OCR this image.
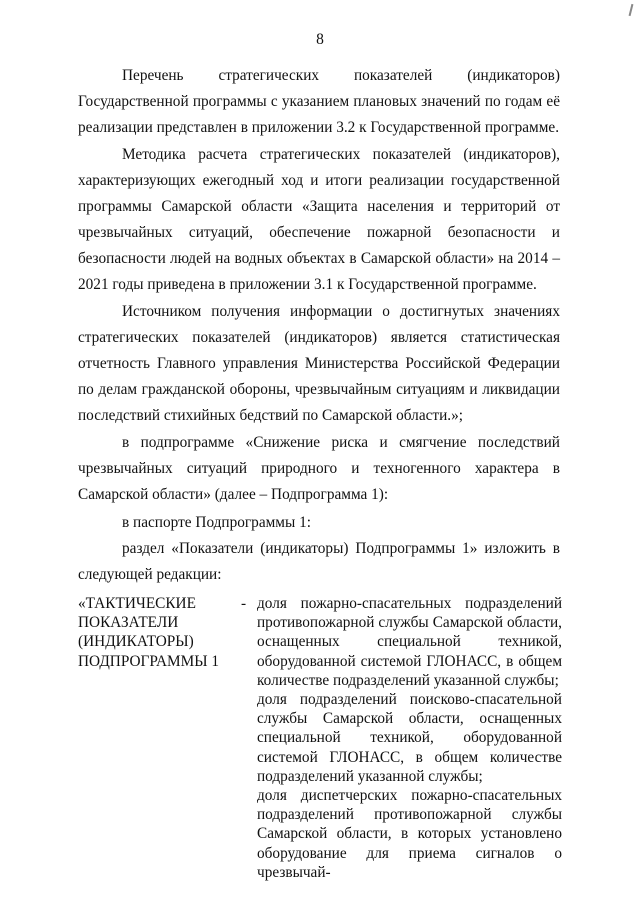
8

Перечень стратегических показателей (индикаторов) Государственной программы с указанием плановых значений по годам её реализации представлен в приложении 3.2 к Государственной программе.

Методика расчета стратегических показателей (индикаторов), характеризующих ежегодный ход и итоги реализации государственной программы Самарской области «Защита населения и территорий от чрезвычайных ситуаций, обеспечение пожарной безопасности и безопасности людей на водных объектах в Самарской области» на 2014 – 2021 годы приведена в приложении 3.1 к Государственной программе.

Источником получения информации о достигнутых значениях стратегических показателей (индикаторов) является статистическая отчетность Главного управления Министерства Российской Федерации по делам гражданской обороны, чрезвычайным ситуациям и ликвидации последствий стихийных бедствий по Самарской области.»;

в подпрограмме «Снижение риска и смягчение последствий чрезвычайных ситуаций природного и техногенного характера в Самарской области» (далее – Подпрограмма 1):

в паспорте Подпрограммы 1:

раздел «Показатели (индикаторы) Подпрограммы 1» изложить в следующей редакции:

«ТАКТИЧЕСКИЕ
ПОКАЗАТЕЛИ
(ИНДИКАТОРЫ)
ПОДПРОГРАММЫ 1
- доля пожарно-спасательных подразделений противопожарной службы Самарской области, оснащенных специальной техникой, оборудованной системой ГЛОНАСС, в общем количестве подразделений указанной службы;

доля подразделений поисково-спасательной службы Самарской области, оснащенных специальной техникой, оборудованной системой ГЛОНАСС, в общем количестве подразделений указанной службы;

доля диспетчерских пожарно-спасательных подразделений противопожарной службы Самарской области, в которых установлено оборудование для приема сигналов о чрезвычай-
